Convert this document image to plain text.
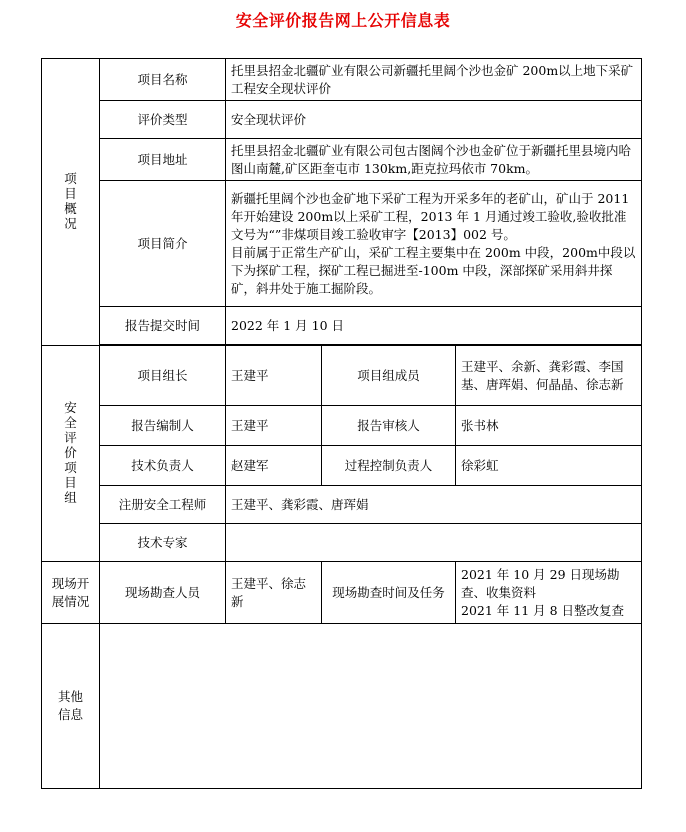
安全评价报告网上公开信息表
项目概况	项目名称	托里县招金北疆矿业有限公司新疆托里阔个沙也金矿 200m以上地下采矿工程安全现状评价		
	评价类型	安全现状评价		
	项目地址	托里县招金北疆矿业有限公司包古图阔个沙也金矿位于新疆托里县境内哈图山南麓,矿区距奎屯市 130km,距克拉玛依市 70km。		
	项目简介	新疆托里阔个沙也金矿地下采矿工程为开采多年的老矿山，矿山于 2011 年开始建设 200m以上采矿工程，2013 年 1 月通过竣工验收,验收批准文号为“”非煤项目竣工验收审字【2013】002 号。
目前属于正常生产矿山，采矿工程主要集中在 200m 中段，200m中段以下为探矿工程，探矿工程已掘进至-100m 中段，深部探矿采用斜井探矿，斜井处于施工掘阶段。		

	报告提交时间	2022 年 1 月 10 日		

安全评价项目组	项目组长	王建平	项目组成员	王建平、余新、龚彩霞、李国基、唐珲娟、何晶晶、徐志新
	报告编制人	王建平	报告审核人	张书林
	技术负责人	赵建军	过程控制负责人	徐彩虹
	注册安全工程师	王建平、龚彩霞、唐珲娟		
	技术专家			
现场开展情况	现场勘查人员	王建平、徐志新	现场勘查时间及任务	2021 年 10 月 29 日现场勘查、收集资料
2021 年 11 月 8 日整改复查

其他信息				
